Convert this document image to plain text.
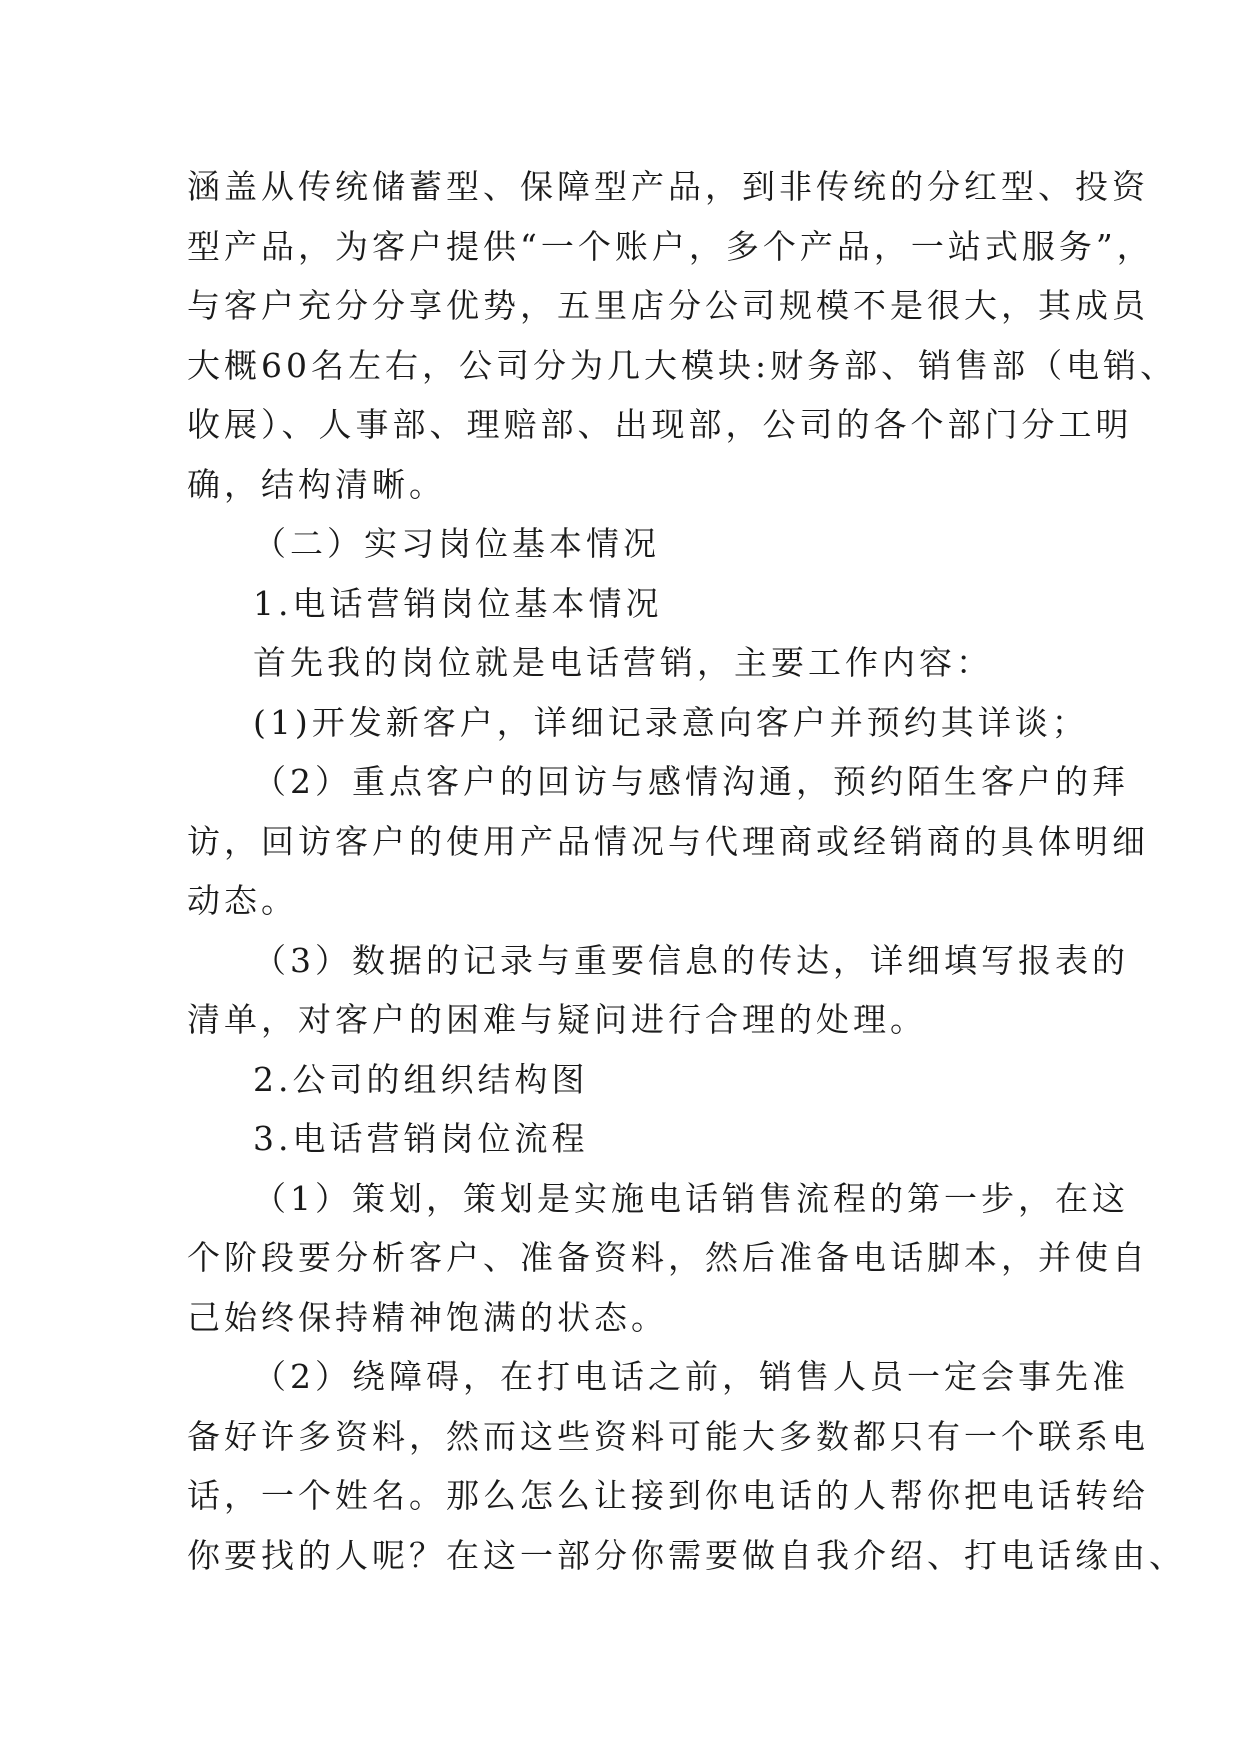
涵盖从传统储蓄型、保障型产品，到非传统的分红型、投资
型产品，为客户提供“一个账户，多个产品，一站式服务”，
与客户充分分享优势，五里店分公司规模不是很大，其成员
大概60名左右，公司分为几大模块:财务部、销售部（电销、
收展）、人事部、理赔部、出现部，公司的各个部门分工明
确，结构清晰。

（二）实习岗位基本情况

1.电话营销岗位基本情况

首先我的岗位就是电话营销，主要工作内容：

(1)开发新客户，详细记录意向客户并预约其详谈；

（2）重点客户的回访与感情沟通，预约陌生客户的拜
访，回访客户的使用产品情况与代理商或经销商的具体明细
动态。

（3）数据的记录与重要信息的传达，详细填写报表的
清单，对客户的困难与疑问进行合理的处理。

2.公司的组织结构图

3.电话营销岗位流程

（1）策划，策划是实施电话销售流程的第一步，在这
个阶段要分析客户、准备资料，然后准备电话脚本，并使自
己始终保持精神饱满的状态。

（2）绕障碍，在打电话之前，销售人员一定会事先准
备好许多资料，然而这些资料可能大多数都只有一个联系电
话，一个姓名。那么怎么让接到你电话的人帮你把电话转给
你要找的人呢？在这一部分你需要做自我介绍、打电话缘由、
